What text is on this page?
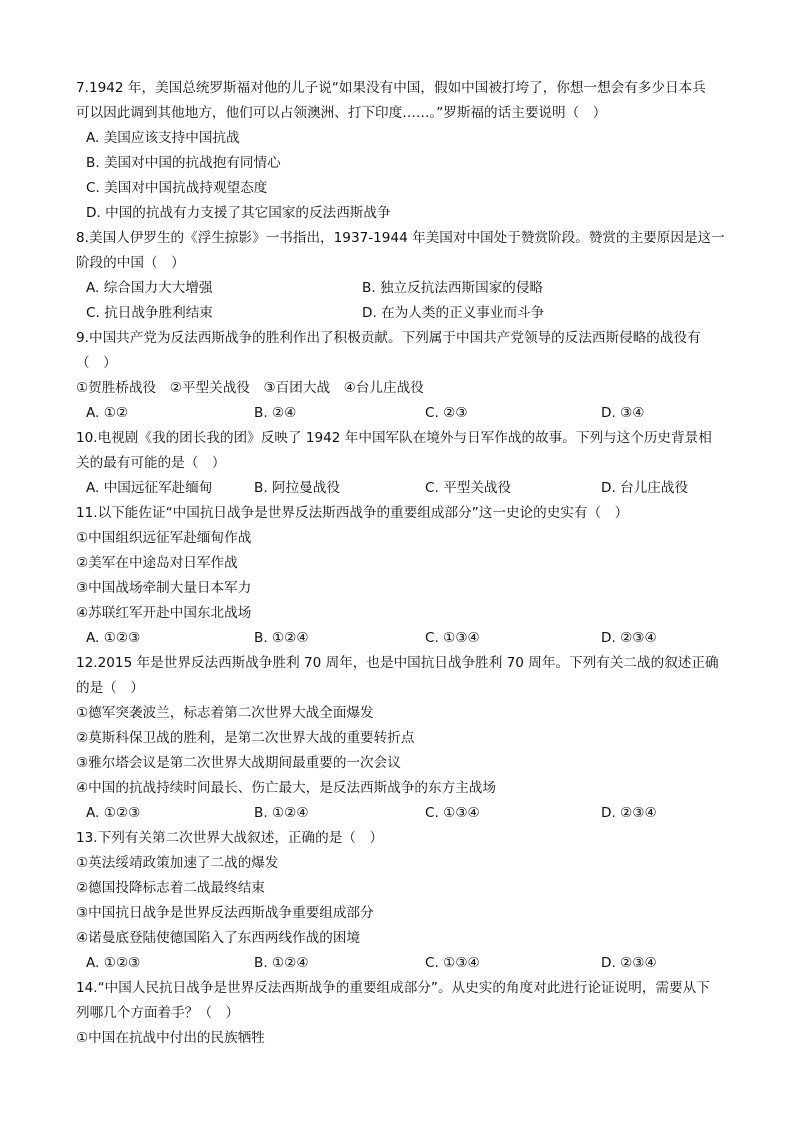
7.1942 年，美国总统罗斯福对他的儿子说“如果没有中国，假如中国被打垮了，你想一想会有多少日本兵
可以因此调到其他地方，他们可以占领澳洲、打下印度……。”罗斯福的话主要说明（　）
A. 美国应该支持中国抗战
B. 美国对中国的抗战抱有同情心
C. 美国对中国抗战持观望态度
D. 中国的抗战有力支援了其它国家的反法西斯战争
8.美国人伊罗生的《浮生掠影》一书指出，1937-1944 年美国对中国处于赞赏阶段。赞赏的主要原因是这一
阶段的中国（　）
A. 综合国力大大增强	B. 独立反抗法西斯国家的侵略
C. 抗日战争胜利结束	D. 在为人类的正义事业而斗争
9.中国共产党为反法西斯战争的胜利作出了积极贡献。下列属于中国共产党领导的反法西斯侵略的战役有
（　）
①贺胜桥战役　②平型关战役　③百团大战　④台儿庄战役
A. ①②	B. ②④	C. ②③	D. ③④
10.电视剧《我的团长我的团》反映了 1942 年中国军队在境外与日军作战的故事。下列与这个历史背景相
关的最有可能的是（　）
A. 中国远征军赴缅甸	B. 阿拉曼战役	C. 平型关战役	D. 台儿庄战役
11.以下能佐证“中国抗日战争是世界反法斯西战争的重要组成部分”这一史论的史实有（　）
①中国组织远征军赴缅甸作战
②美军在中途岛对日军作战
③中国战场牵制大量日本军力
④苏联红军开赴中国东北战场
A. ①②③	B. ①②④	C. ①③④	D. ②③④
12.2015 年是世界反法西斯战争胜利 70 周年，也是中国抗日战争胜利 70 周年。下列有关二战的叙述正确
的是（　）
①德军突袭波兰，标志着第二次世界大战全面爆发
②莫斯科保卫战的胜利，是第二次世界大战的重要转折点
③雅尔塔会议是第二次世界大战期间最重要的一次会议
④中国的抗战持续时间最长、伤亡最大，是反法西斯战争的东方主战场
A. ①②③	B. ①②④	C. ①③④	D. ②③④
13.下列有关第二次世界大战叙述，正确的是（　）
①英法绥靖政策加速了二战的爆发
②德国投降标志着二战最终结束
③中国抗日战争是世界反法西斯战争重要组成部分
④诺曼底登陆使德国陷入了东西两线作战的困境
A. ①②③	B. ①②④	C. ①③④	D. ②③④
14.“中国人民抗日战争是世界反法西斯战争的重要组成部分”。从史实的角度对此进行论证说明，需要从下
列哪几个方面着手？（　）
①中国在抗战中付出的民族牺牲
